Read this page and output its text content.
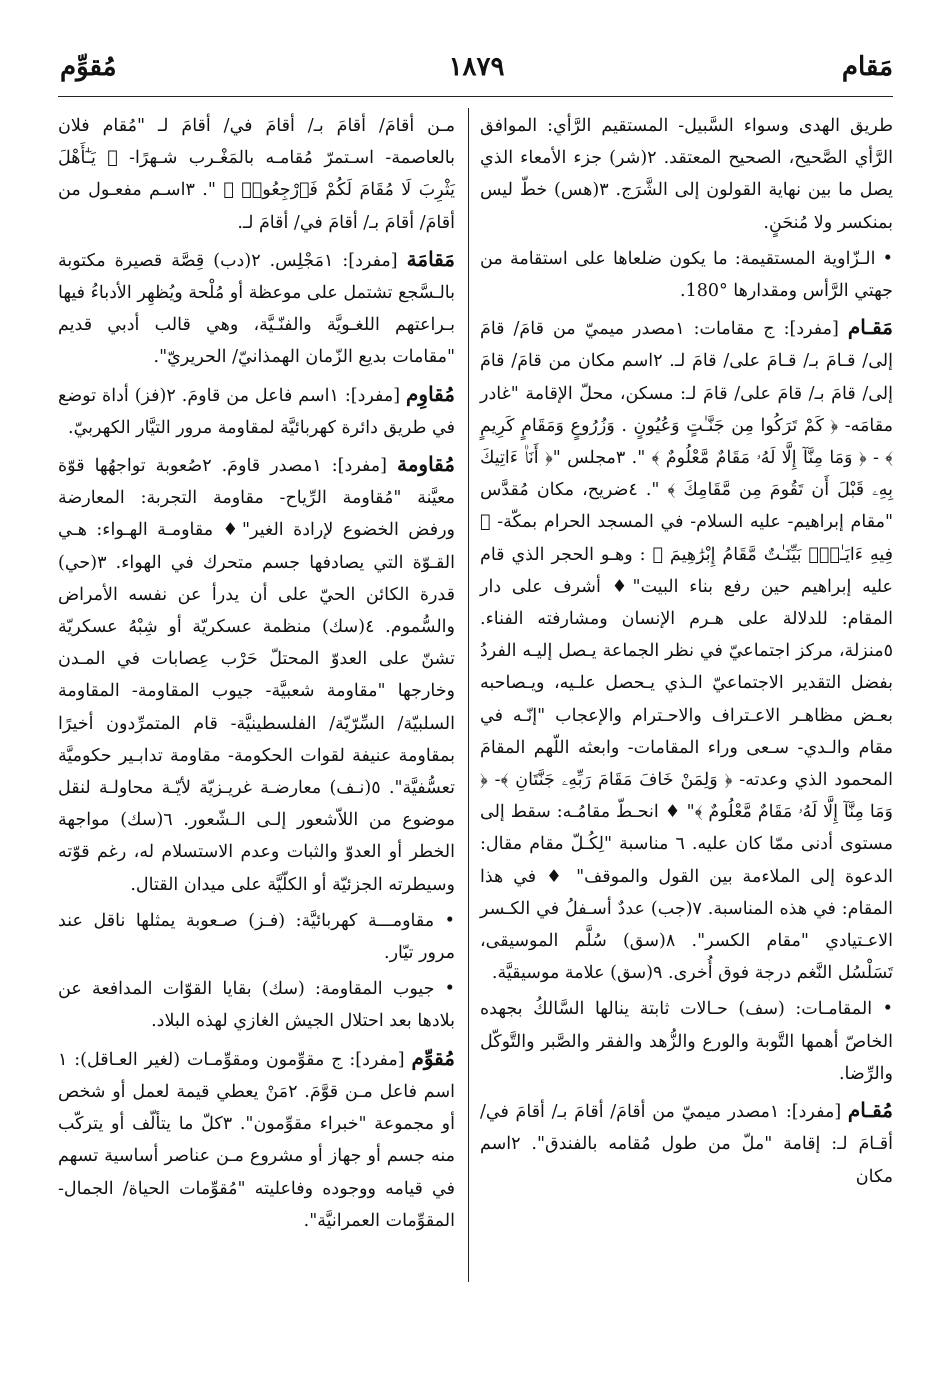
مَقام
١٨٧٩
مُقوِّم

طريق الهدى وسواء السَّبيل- المستقيم الرَّأي: الموافق الرَّأي الصَّحيح، الصحيح المعتقد. ٢(شر) جزء الأمعاء الذي يصل ما بين نهاية القولون إلى الشَّرَج. ٣(هس) خطّ ليس بمنكسر ولا مُنحَنٍ.

• الـزّاوية المستقيمة: ما يكون ضلعاها على استقامة من جهتي الرَّأس ومقدارها °180.

مَقـام [مفرد]: ج مقامات: ١مصدر ميميّ من قامَ/ قامَ إلى/ قـامَ بـ/ قـامَ على/ قامَ لـ. ٢اسم مكان من قامَ/ قامَ إلى/ قامَ بـ/ قامَ على/ قامَ لـ: مسكن، محلّ الإقامة "غادر مقامَه- ﴿ كَمْ تَرَكُوا مِن جَنَّـٰتٍ وَعُيُونٍ . وَزُرُوعٍ وَمَقَامٍ كَرِيمٍ ﴾ - ﴿ وَمَا مِنَّآ إِلَّا لَهُۥ مَقَامٌ مَّعْلُومٌ ﴾ ". ٣مجلس "﴿ أَنَا۠ ءَاتِيكَ بِهِۦ قَبْلَ أَن تَقُومَ مِن مَّقَامِكَ ﴾ ". ٤ضريح، مكان مُقدَّس "مقام إبراهيم- عليه السلام- في المسجد الحرام بمكّة- ﴿ فِيهِ ءَايَـٰتٌۢ بَيِّنَـٰتٌ مَّقَامُ إِبْرَٰهِيمَ ﴾ : وهـو الحجر الذي قام عليه إبراهيم حين رفع بناء البيت"♦ أشرف على دار المقام: للدلالة على هـرم الإنسان ومشارفته الفناء. ٥منزلة، مركز اجتماعيّ في نظر الجماعة يـصل إليـه الفردُ بفضل التقدير الاجتماعيّ الـذي يـحصل علـيه، ويـصاحبه بعـض مظاهـر الاعـتراف والاحـترام والإعجاب "إنّـه في مقام والـدي- سـعى وراء المقامات- وابعثه اللّهم المقامَ المحمود الذي وعدته- ﴿ وَلِمَنْ خَافَ مَقَامَ رَبِّهِۦ جَنَّتَانِ ﴾- ﴿ وَمَا مِنَّآ إِلَّا لَهُۥ مَقَامٌ مَّعْلُومٌ ﴾" ♦ انحـطّ مقامُـه: سقط إلى مستوى أدنى ممّا كان عليه. ٦ مناسبة "لِكُـلّ مقام مقال: الدعوة إلى الملاءمة بين القول والموقف" ♦ في هذا المقام: في هذه المناسبة. ٧(جب) عددٌ أسـفلُ في الكـسر الاعـتيادي "مقام الكسر". ٨(سق) سُلَّم الموسيقى، تَسَلْسُل النَّغم درجة فوق أُخرى. ٩(سق) علامة موسيقيَّة.

• المقامـات: (سف) حـالات ثابتة ينالها السَّالكُ بجهده الخاصّ أهمها التَّوبة والورع والزُّهد والفقر والصَّبر والتَّوكّل والرِّضا.

مُقـام [مفرد]: ١مصدر ميميّ من أقامَ/ أقامَ بـ/ أقامَ في/ أقـامَ لـ: إقامة "ملّ من طول مُقامه بالفندق". ٢اسم مكان

مـن أقامَ/ أقامَ بـ/ أقامَ في/ أقامَ لـ "مُقام فلان بالعاصمة- اسـتمرّ مُقامـه بالمَغْـرب شـهرًا- ﴿ يَـٰٓأَهْلَ يَثْرِبَ لَا مُقَامَ لَكُمْ فَٱرْجِعُوا۟ ﴾ ". ٣اسـم مفعـول من أقامَ/ أقامَ بـ/ أقامَ في/ أقامَ لـ.

مَقامَة [مفرد]: ١مَجْلِس. ٢(دب) قِصَّة قصيرة مكتوبة بالـسَّجع تشتمل على موعظة أو مُلْحة ويُظهِر الأدباءُ فيها بـراعتهم اللغـويَّة والفنّـيَّة، وهي قالب أدبي قديم "مقامات بديع الزّمان الهمذانيّ/ الحريريّ".

مُقاوِم [مفرد]: ١اسم فاعل من قاومَ. ٢(فز) أداة توضع في طريق دائرة كهربائيَّة لمقاومة مرور التيَّار الكهربيّ.

مُقاومة [مفرد]: ١مصدر قاومَ. ٢صُعوبة تواجهُها قوّة معيَّنة "مُقاومة الرِّياح- مقاومة التجربة: المعارضة ورفض الخضوع لإرادة الغير"♦ مقاومـة الهـواء: هـي القـوّة التي يصادفها جسم متحرك في الهواء. ٣(حي) قدرة الكائن الحيّ على أن يدرأ عن نفسه الأمراض والسُّموم. ٤(سك) منظمة عسكريّة أو شِبْهُ عسكريّة تشنّ على العدوّ المحتلّ حَرْب عِصابات في المـدن وخارجها "مقاومة شعبيَّة- جيوب المقاومة- المقاومة السلبيّة/ السِّرّيّة/ الفلسطينيَّة- قام المتمرِّدون أخيرًا بمقاومة عنيفة لقوات الحكومة- مقاومة تدابـير حكوميَّة تعسُّفيَّة". ٥(نـف) معارضـة غريـزيّة لأيّـة محاولـة لنقل موضوع من اللاّشعور إلـى الـشّعور. ٦(سك) مواجهة الخطر أو العدوّ والثبات وعدم الاستسلام له، رغم قوّته وسيطرته الجزئيّة أو الكلّيَّة على ميدان القتال.

• مقاومـــة كهربائيَّة: (فـز) صـعوبة يمثلها ناقل عند مرور تيّار.

• جيوب المقاومة: (سك) بقايا القوّات المدافعة عن بلادها بعد احتلال الجيش الغازي لهذه البلاد.

مُقوِّم [مفرد]: ج مقوِّمون ومقوِّمـات (لغير العـاقل): ١ اسم فاعل مـن قوَّمَ. ٢مَنْ يعطي قيمة لعمل أو شخص أو مجموعة "خبراء مقوِّمون". ٣كلّ ما يتألّف أو يتركّب منه جسم أو جهاز أو مشروع مـن عناصر أساسية تسهم في قيامه ووجوده وفاعليته "مُقوِّمات الحياة/ الجمال- المقوِّمات العمرانيَّة".
